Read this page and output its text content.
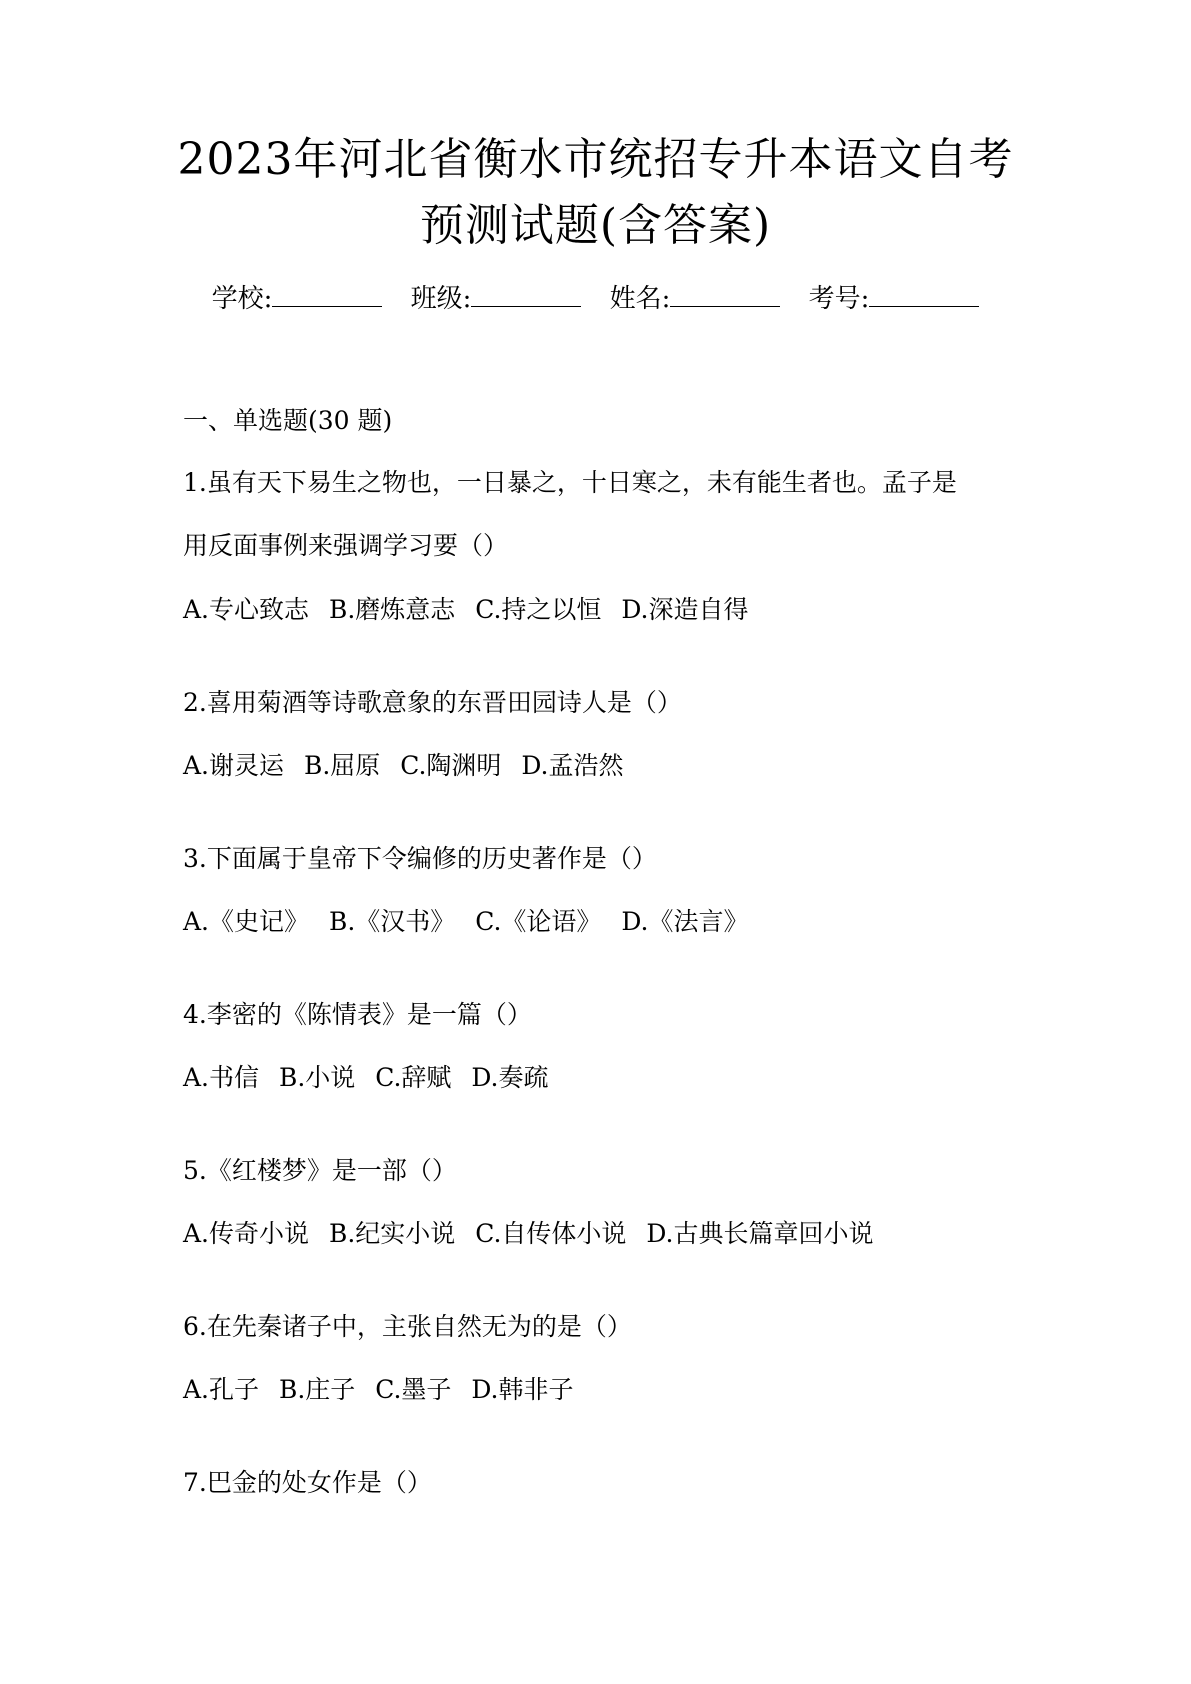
2023年河北省衡水市统招专升本语文自考
预测试题(含答案)
学校:	班级:	姓名:	考号:
一、单选题(30 题)
1.虽有天下易生之物也，一日暴之，十日寒之，未有能生者也。孟子是
用反面事例来强调学习要（）
A.专心致志 B.磨炼意志 C.持之以恒 D.深造自得
2.喜用菊酒等诗歌意象的东晋田园诗人是（）
A.谢灵运 B.屈原 C.陶渊明 D.孟浩然
3.下面属于皇帝下令编修的历史著作是（）
A.《史记》 B.《汉书》 C.《论语》 D.《法言》
4.李密的《陈情表》是一篇（）
A.书信 B.小说 C.辞赋 D.奏疏
5.《红楼梦》是一部（）
A.传奇小说 B.纪实小说 C.自传体小说 D.古典长篇章回小说
6.在先秦诸子中，主张自然无为的是（）
A.孔子 B.庄子 C.墨子 D.韩非子
7.巴金的处女作是（）
